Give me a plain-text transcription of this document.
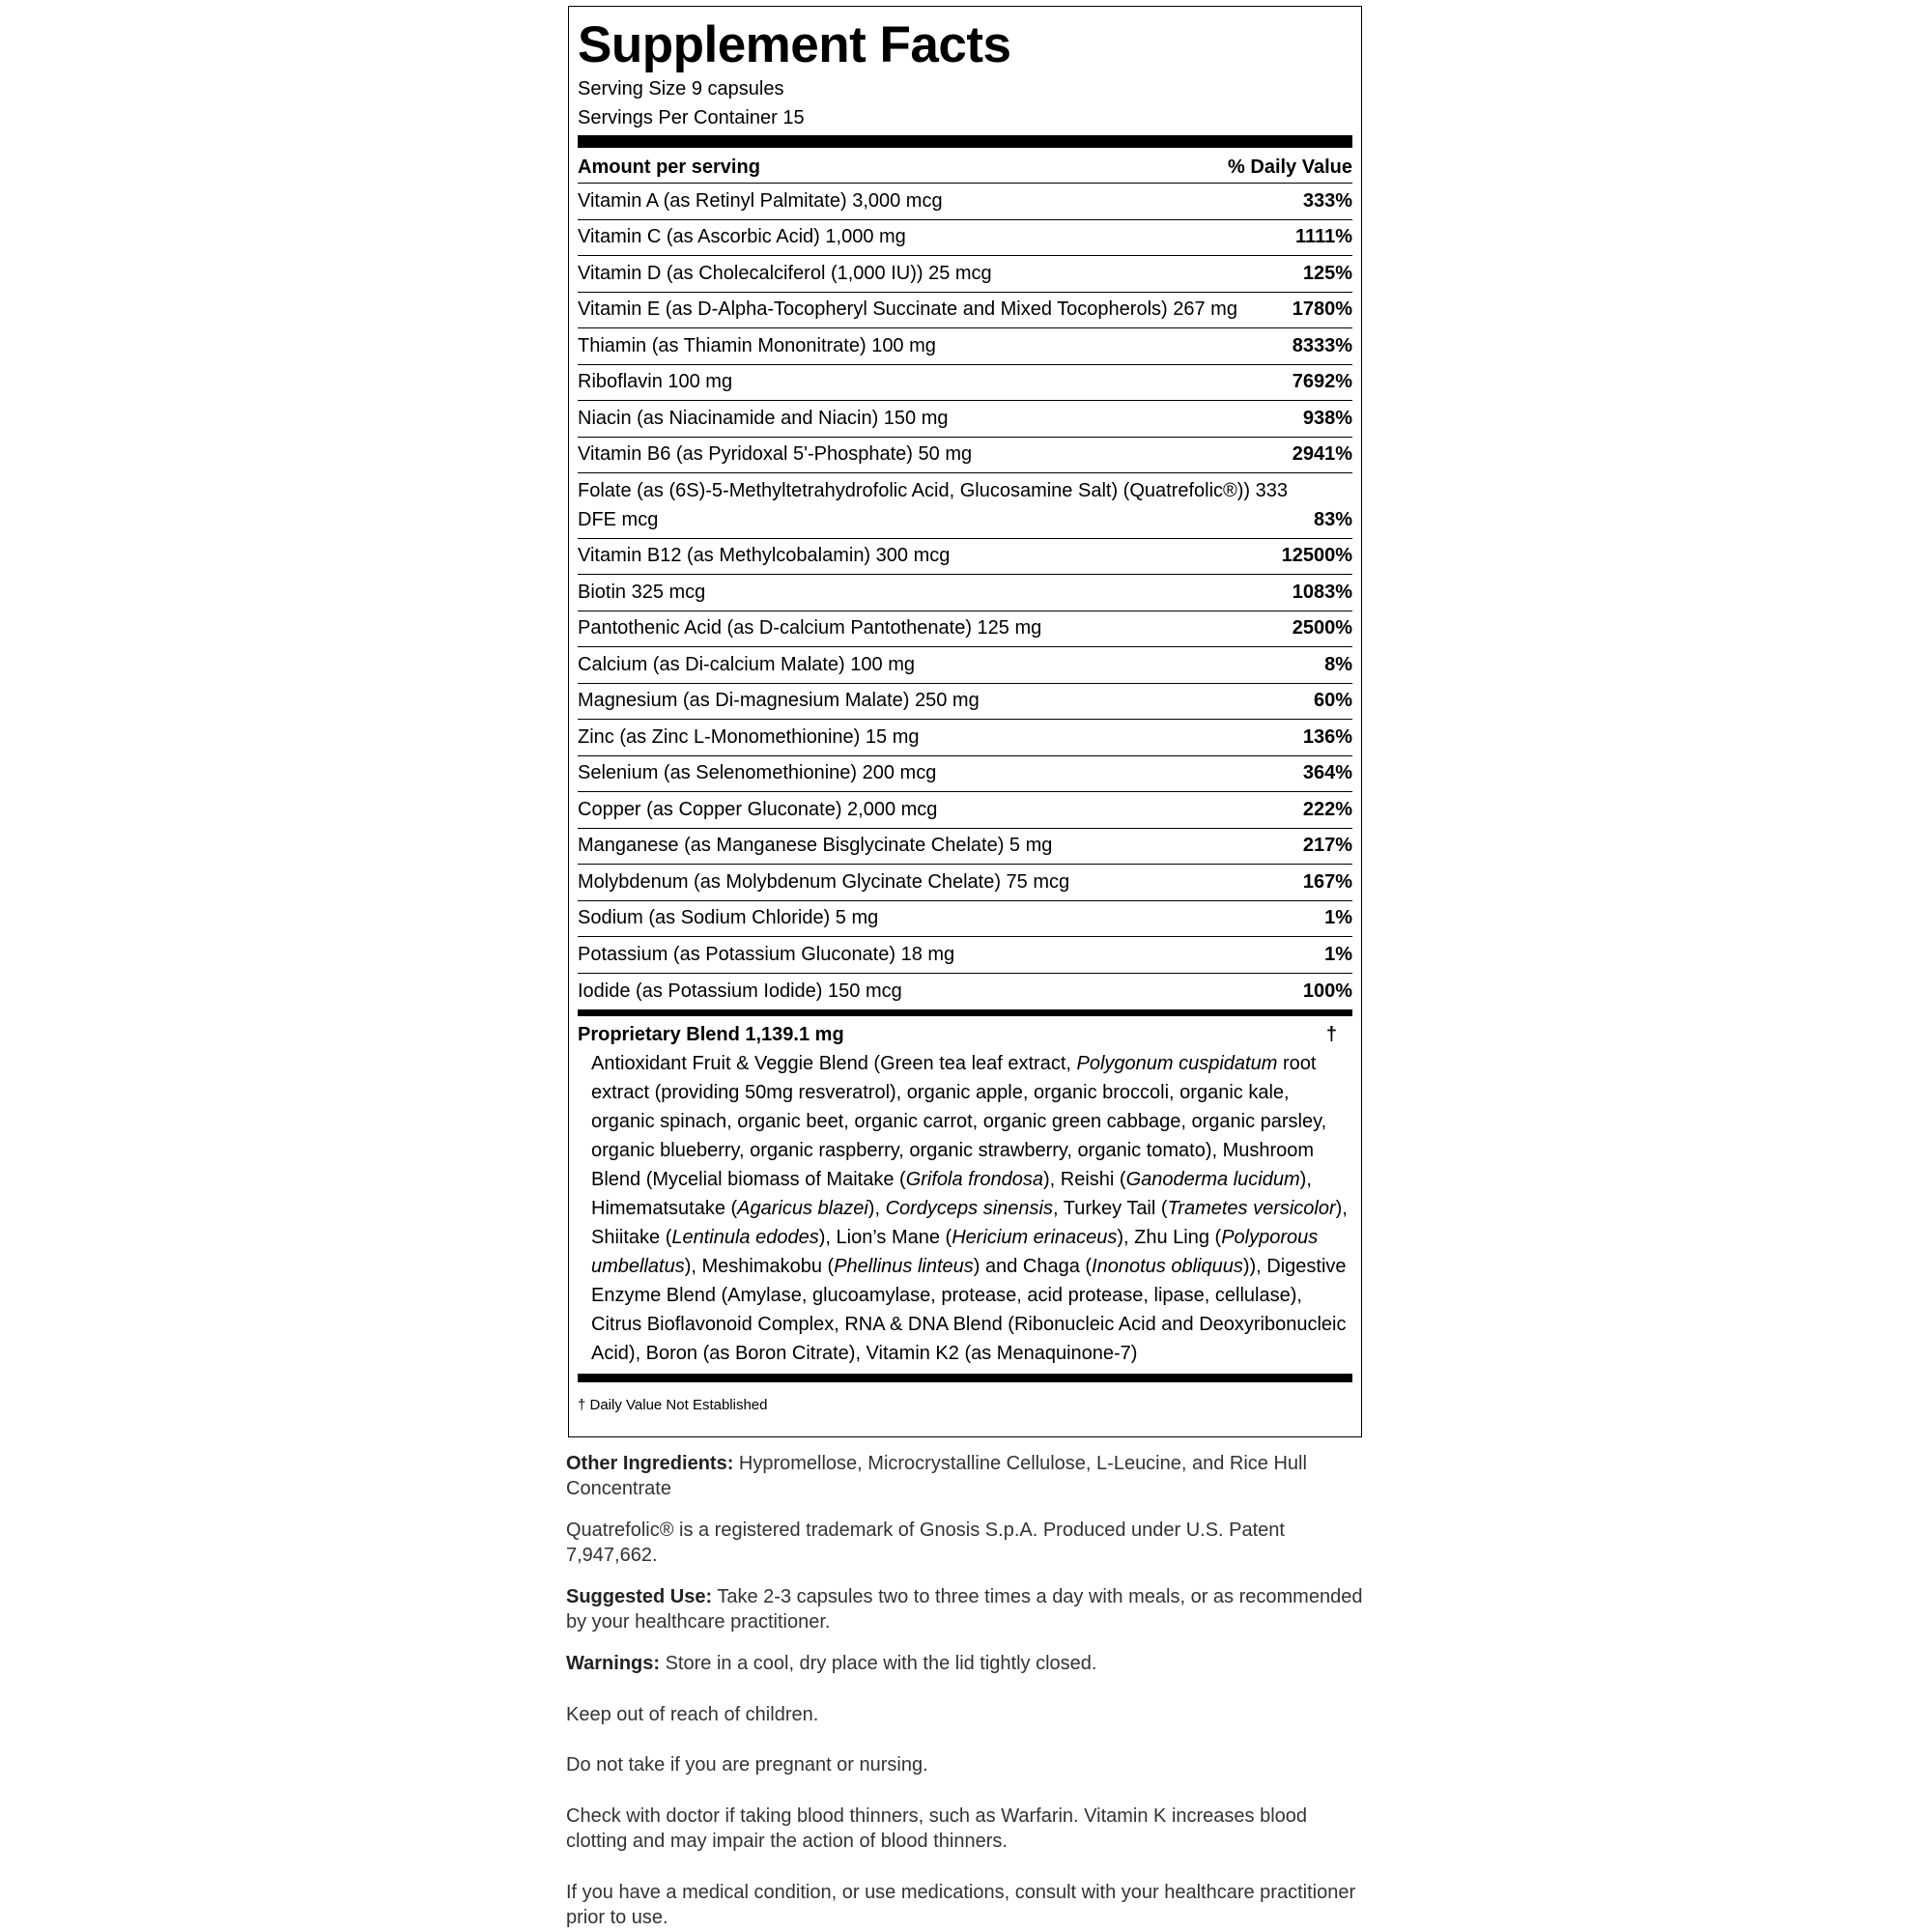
Supplement Facts
Serving Size 9 capsules
Servings Per Container 15
Amount per serving	% Daily Value
Vitamin A (as Retinyl Palmitate) 3,000 mcg	333%
Vitamin C (as Ascorbic Acid) 1,000 mg	1111%
Vitamin D (as Cholecalciferol (1,000 IU)) 25 mcg	125%
Vitamin E (as D-Alpha-Tocopheryl Succinate and Mixed Tocopherols) 267 mg	1780%
Thiamin (as Thiamin Mononitrate) 100 mg	8333%
Riboflavin 100 mg	7692%
Niacin (as Niacinamide and Niacin) 150 mg	938%
Vitamin B6 (as Pyridoxal 5'-Phosphate) 50 mg	2941%
Folate (as (6S)-5-Methyltetrahydrofolic Acid, Glucosamine Salt) (Quatrefolic®)) 333 DFE mcg	83%
Vitamin B12 (as Methylcobalamin) 300 mcg	12500%
Biotin 325 mcg	1083%
Pantothenic Acid (as D-calcium Pantothenate) 125 mg	2500%
Calcium (as Di-calcium Malate) 100 mg	8%
Magnesium (as Di-magnesium Malate) 250 mg	60%
Zinc (as Zinc L-Monomethionine) 15 mg	136%
Selenium (as Selenomethionine) 200 mcg	364%
Copper (as Copper Gluconate) 2,000 mcg	222%
Manganese (as Manganese Bisglycinate Chelate) 5 mg	217%
Molybdenum (as Molybdenum Glycinate Chelate) 75 mcg	167%
Sodium (as Sodium Chloride) 5 mg	1%
Potassium (as Potassium Gluconate) 18 mg	1%
Iodide (as Potassium Iodide) 150 mcg	100%
Proprietary Blend 1,139.1 mg	†
Antioxidant Fruit & Veggie Blend (Green tea leaf extract, Polygonum cuspidatum root extract (providing 50mg resveratrol), organic apple, organic broccoli, organic kale, organic spinach, organic beet, organic carrot, organic green cabbage, organic parsley, organic blueberry, organic raspberry, organic strawberry, organic tomato), Mushroom Blend (Mycelial biomass of Maitake (Grifola frondosa), Reishi (Ganoderma lucidum), Himematsutake (Agaricus blazei), Cordyceps sinensis, Turkey Tail (Trametes versicolor), Shiitake (Lentinula edodes), Lion’s Mane (Hericium erinaceus), Zhu Ling (Polyporous umbellatus), Meshimakobu (Phellinus linteus) and Chaga (Inonotus obliquus)), Digestive Enzyme Blend (Amylase, glucoamylase, protease, acid protease, lipase, cellulase), Citrus Bioflavonoid Complex, RNA & DNA Blend (Ribonucleic Acid and Deoxyribonucleic Acid), Boron (as Boron Citrate), Vitamin K2 (as Menaquinone-7)
† Daily Value Not Established
Other Ingredients: Hypromellose, Microcrystalline Cellulose, L-Leucine, and Rice Hull Concentrate
Quatrefolic® is a registered trademark of Gnosis S.p.A. Produced under U.S. Patent 7,947,662.
Suggested Use: Take 2-3 capsules two to three times a day with meals, or as recommended by your healthcare practitioner.
Warnings: Store in a cool, dry place with the lid tightly closed.
Keep out of reach of children.
Do not take if you are pregnant or nursing.
Check with doctor if taking blood thinners, such as Warfarin. Vitamin K increases blood clotting and may impair the action of blood thinners.
If you have a medical condition, or use medications, consult with your healthcare practitioner prior to use.
